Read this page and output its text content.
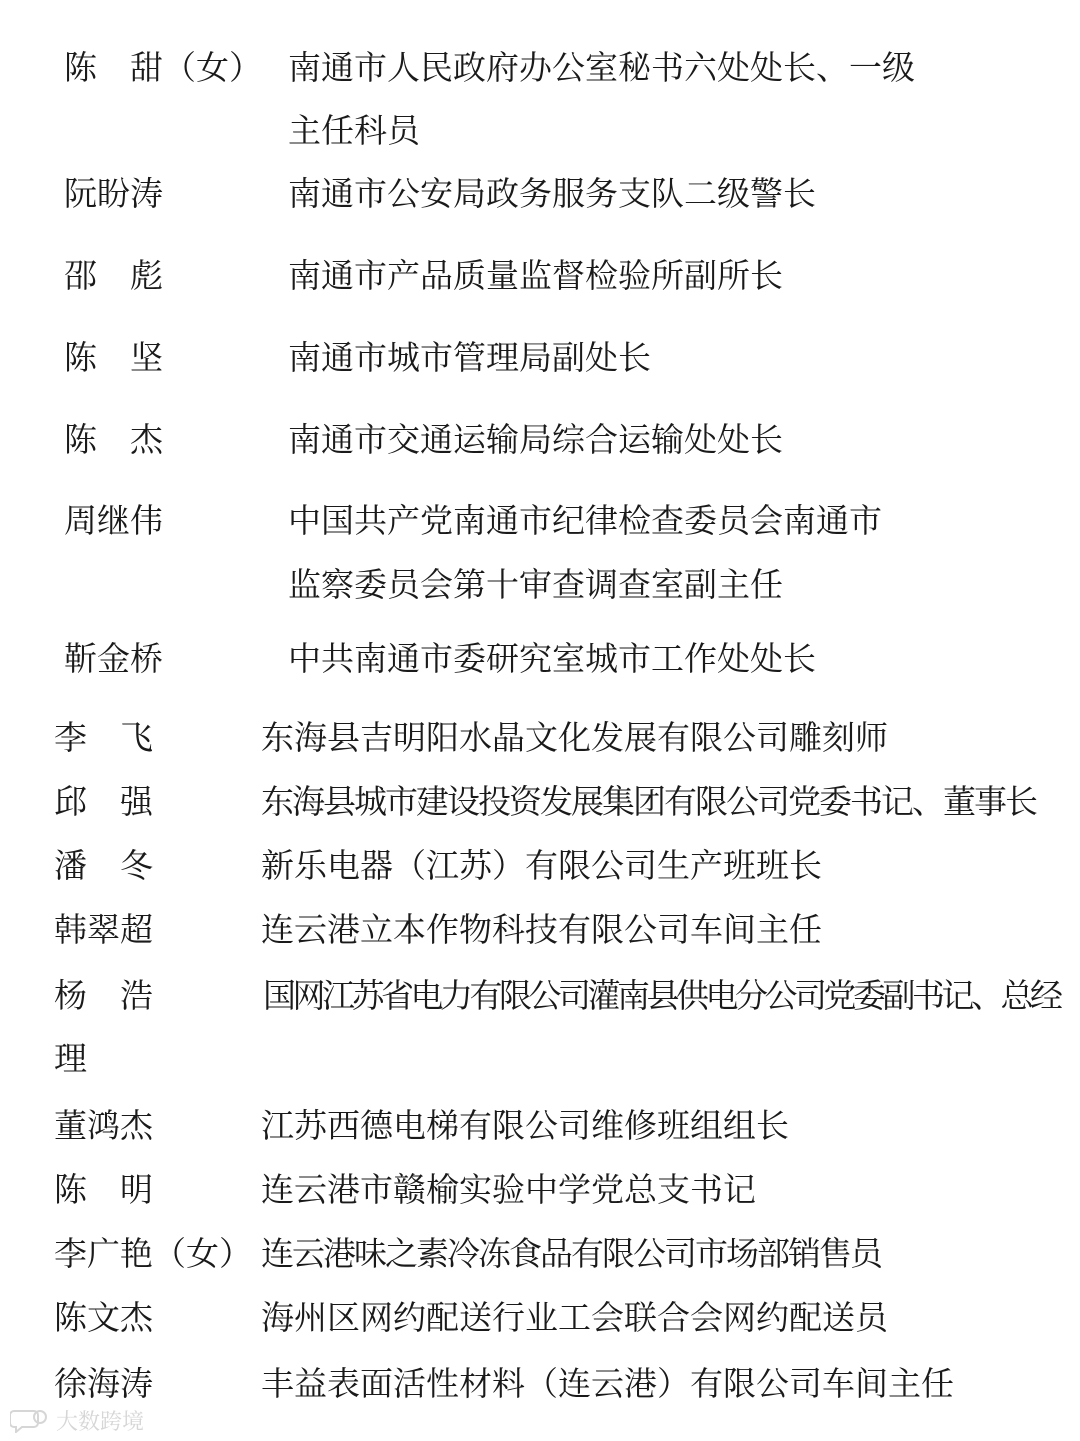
陈　甜（女） 南通市人民政府办公室秘书六处处长、一级
主任科员
阮盼涛	南通市公安局政务服务支队二级警长
邵　彪	南通市产品质量监督检验所副所长
陈　坚	南通市城市管理局副处长
陈　杰	南通市交通运输局综合运输处处长
周继伟	中国共产党南通市纪律检查委员会南通市
监察委员会第十审查调查室副主任
靳金桥	中共南通市委研究室城市工作处处长
李　飞	东海县吉明阳水晶文化发展有限公司雕刻师
邱　强	东海县城市建设投资发展集团有限公司党委书记、董事长
潘　冬	新乐电器（江苏）有限公司生产班班长
韩翠超	连云港立本作物科技有限公司车间主任
杨　浩	国网江苏省电力有限公司灌南县供电分公司党委副书记、总经
理
董鸿杰	江苏西德电梯有限公司维修班组组长
陈　明	连云港市赣榆实验中学党总支书记
李广艳（女） 连云港味之素冷冻食品有限公司市场部销售员
陈文杰	海州区网约配送行业工会联合会网约配送员
徐海涛	丰益表面活性材料（连云港）有限公司车间主任
大数跨境
